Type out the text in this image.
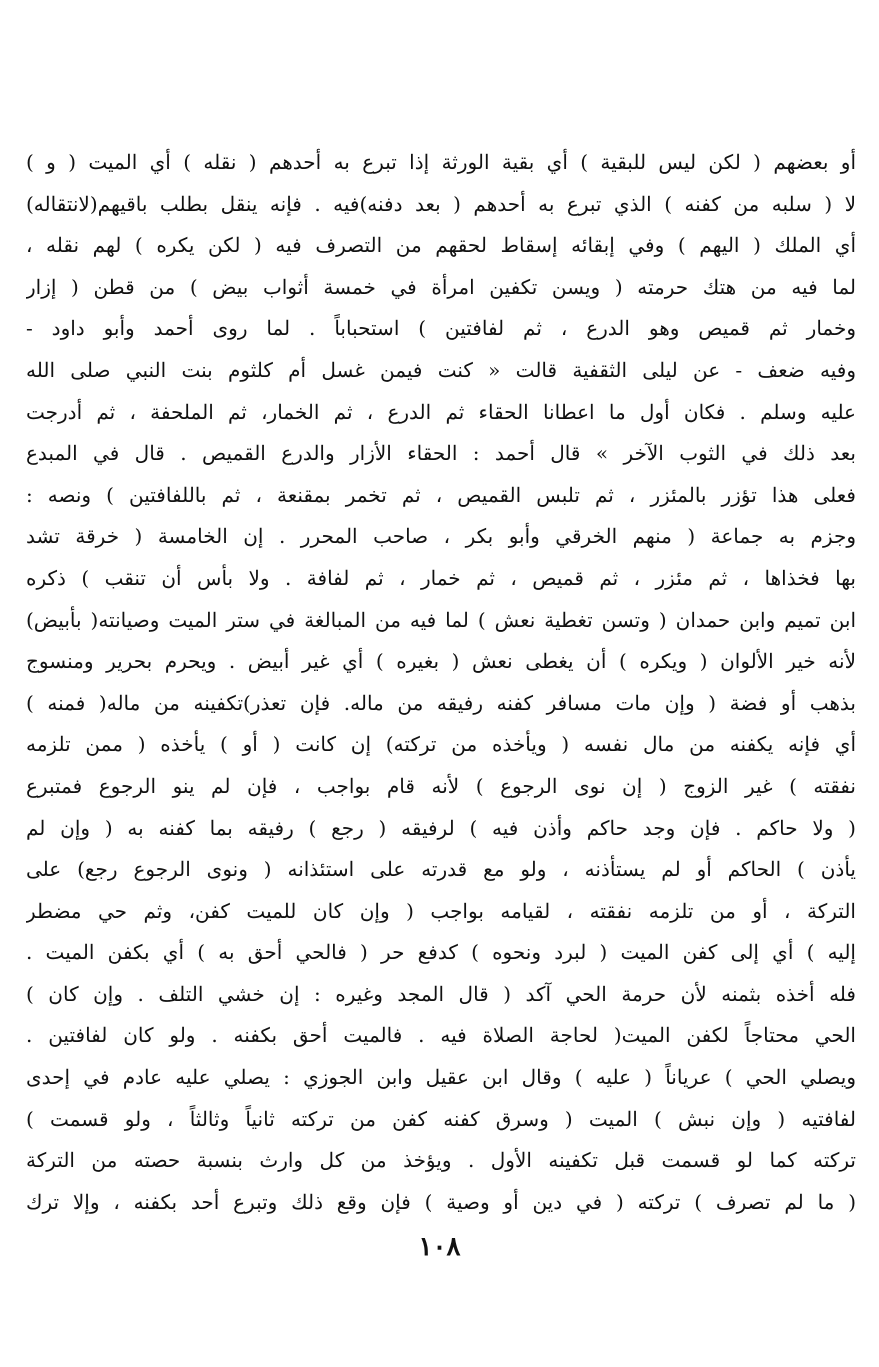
أو بعضهم ( لكن ليس للبقية ) أي بقية الورثة إذا تبرع به أحدهم ( نقله ) أي الميت ( و )
لا ( سلبه من كفنه ) الذي تبرع به أحدهم ( بعد دفنه)فيه . فإنه ينقل بطلب باقيهم(لانتقاله)
أي الملك ( اليهم ) وفي إبقائه إسقاط لحقهم من التصرف فيه ( لكن يكره ) لهم نقله ،
لما فيه من هتك حرمته ( ويسن تكفين امرأة في خمسة أثواب بيض ) من قطن ( إزار
وخمار ثم قميص وهو الدرع ، ثم لفافتين ) استحباباً . لما روى أحمد وأبو داود -
وفيه ضعف - عن ليلى الثقفية قالت « كنت فيمن غسل أم كلثوم بنت النبي صلى الله
عليه وسلم . فكان أول ما اعطانا الحقاء ثم الدرع ، ثم الخمار، ثم الملحفة ، ثم أدرجت
بعد ذلك في الثوب الآخر » قال أحمد : الحقاء الأزار والدرع القميص . قال في المبدع
فعلى هذا تؤزر بالمئزر ، ثم تلبس القميص ، ثم تخمر بمقنعة ، ثم باللفافتين ) ونصه :
وجزم به جماعة ( منهم الخرقي وأبو بكر ، صاحب المحرر . إن الخامسة ( خرقة تشد
بها فخذاها ، ثم مئزر ، ثم قميص ، ثم خمار ، ثم لفافة . ولا بأس أن تنقب ) ذكره
ابن تميم وابن حمدان ( وتسن تغطية نعش ) لما فيه من المبالغة في ستر الميت وصيانته( بأبيض)
لأنه خير الألوان ( ويكره ) أن يغطى نعش ( بغيره ) أي غير أبيض . ويحرم بحرير ومنسوج
بذهب أو فضة ( وإن مات مسافر كفنه رفيقه من ماله. فإن تعذر)تكفينه من ماله( فمنه )
أي فإنه يكفنه من مال نفسه ( ويأخذه من تركته) إن كانت ( أو ) يأخذه ( ممن تلزمه
نفقته ) غير الزوج ( إن نوى الرجوع ) لأنه قام بواجب ، فإن لم ينو الرجوع فمتبرع
( ولا حاكم . فإن وجد حاكم وأذن فيه ) لرفيقه ( رجع ) رفيقه بما كفنه به ( وإن لم
يأذن ) الحاكم أو لم يستأذنه ، ولو مع قدرته على استئذانه ( ونوى الرجوع رجع) على
التركة ، أو من تلزمه نفقته ، لقيامه بواجب ( وإن كان للميت كفن، وثم حي مضطر
إليه ) أي إلى كفن الميت ( لبرد ونحوه ) كدفع حر ( فالحي أحق به ) أي بكفن الميت .
فله أخذه بثمنه لأن حرمة الحي آكد ( قال المجد وغيره : إن خشي التلف . وإن كان )
الحي محتاجاً لكفن الميت( لحاجة الصلاة فيه . فالميت أحق بكفنه . ولو كان لفافتين .
ويصلي الحي ) عرياناً ( عليه ) وقال ابن عقيل وابن الجوزي : يصلي عليه عادم في إحدى
لفافتيه ( وإن نبش ) الميت ( وسرق كفنه كفن من تركته ثانياً وثالثاً ، ولو قسمت )
تركته كما لو قسمت قبل تكفينه الأول . ويؤخذ من كل وارث بنسبة حصته من التركة
( ما لم تصرف ) تركته ( في دين أو وصية ) فإن وقع ذلك وتبرع أحد بكفنه ، وإلا ترك
١٠٨
